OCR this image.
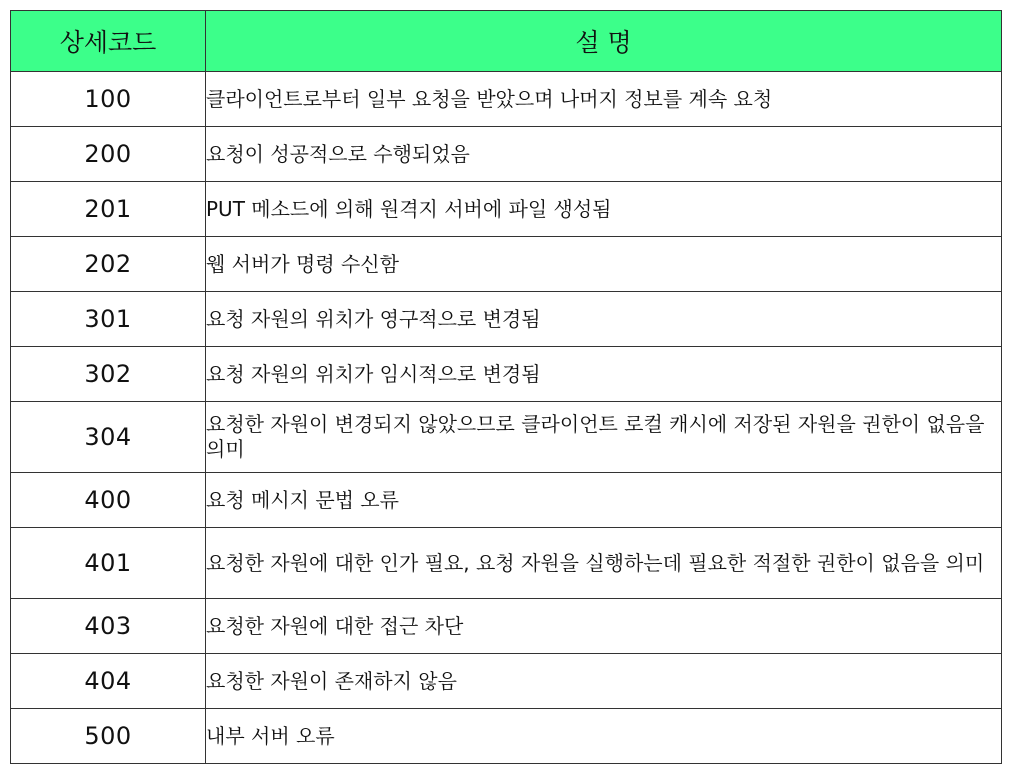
상세코드	설 명
100	클라이언트로부터 일부 요청을 받았으며 나머지 정보를 계속 요청
200	요청이 성공적으로 수행되었음
201	PUT 메소드에 의해 원격지 서버에 파일 생성됨
202	웹 서버가 명령 수신함
301	요청 자원의 위치가 영구적으로 변경됨
302	요청 자원의 위치가 임시적으로 변경됨
304	요청한 자원이 변경되지 않았으므로 클라이언트 로컬 캐시에 저장된 자원을 권한이 없음을 의미
400	요청 메시지 문법 오류
401	요청한 자원에 대한 인가 필요, 요청 자원을 실행하는데 필요한 적절한 권한이 없음을 의미
403	요청한 자원에 대한 접근 차단
404	요청한 자원이 존재하지 않음
500	내부 서버 오류
